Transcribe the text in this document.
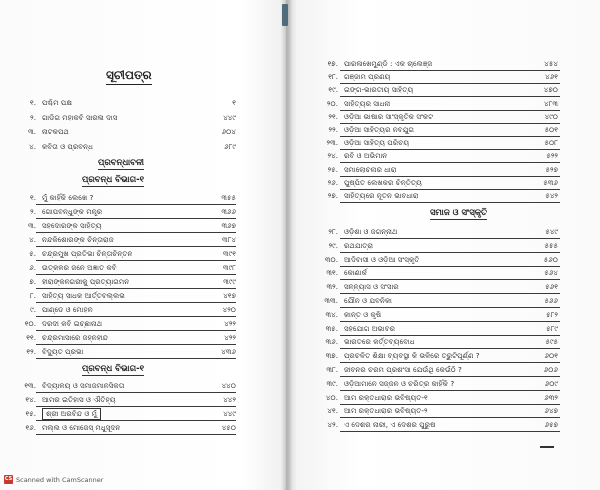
ସୂଚୀପତ୍ର
୧. ପଶ୍ଚିମ ପକ୍ଷ	୧
୨. ଗାଡିଗ ମହାକବି ସାରଳା ଦାସ	୪୪୯
୩. ନାଟକପଥ	୬୦୪
୪. କବିତା ଓ ପ୍ରବନ୍ଧ	୬୮୯
ପ୍ରବନ୍ଧାବଳୀ
ପ୍ରବନ୍ଧ ବିଭାଗ-୧
୧. ମୁଁ କାହିଁକି ଲେଖେ ?	୩୫୫
୨. ଗୋପବନ୍ଧୁଙ୍କ ମନ୍ତ୍ର	୩୬୬
୩. ସହଦୋରଙ୍କ ସାହିତ୍ୟ	୩୬୭
୪. ନନ୍ଦକିଶୋରଙ୍କ ଚିନ୍ତାରାଜ	୩୮୪
୫. ଚନ୍ଦ୍ରମୁଖ ପ୍ରତିଭା ଚିନ୍ତାଚିନ୍ତନ	୩୯୧
୬. ଉତ୍କଳର ଜନେ ଅଜ୍ଞାତ କବି	୩୯୮
୭. ହୀରାଙ୍କନଗରୀକୁ ପ୍ରତ୍ୟାଗମନ	୩୯୯
୮. ସାହିତ୍ୟ ସାଧକ ଆର୍ତ୍ତବଲ୍ଲଭ	୪୧୭
୯. ପାଣ୍ଡେ ଓ ମୋହନ	୪୨୦
୧୦. ଦରଦୀ କବି ଇଚ୍ଛାନାଥ	୪୨୨
୧୧. ଚନ୍ଦ୍ରମାସାରେ ଜହ୍ନହୀନ୍ଦ	୪୨୨
୧୨. ବିଦ୍ୟୁତ ପ୍ରଭା	୪୩୬
ପ୍ରବନ୍ଧ ବିଭାଗ-୧
୧୩. ବିଦ୍ୟାଳୟ ଓ ସମାଜମାନସିକତା	୪୪୦
୧୪. ଆମର ଇତିହାସ ଓ ଐତିହ୍ୟ	୪୪୨
୧୫.	ଶ୍ରୀ ଅରବିନ୍ଦ ଓ ମୁଁ	୪୪୯
୧୬. ମଲ୍ଲ ଓ ମୋଜେସ୍ ମଧୁସୂଦନ	୪୫୦
୧୭. ପାରଳାଖେମୁଣ୍ଡି : ଏକ ଚାଲେଞ୍ଜ	୪୫୪
୧୮. ଗଞ୍ଜାମ ପ୍ରଣୟ	୪୬୧
୧୯. ଇଙ୍ଗ-ଭାରତୀୟ ସାହିତ୍ୟ	୪୭୦
୨୦. ସାହିତ୍ୟର ସାଧନା	୪୮୩
୨୧. ଓଡ଼ିଆ ଭାଷାର ସାଂସ୍କୃତିକ ସଂକଟ	୪୯୦
୨୨. ଓଡ଼ିଆ ସାହିତ୍ୟର ନବଯୁଗ	୫୦୧
୨୩. ଓଡ଼ିଆ ସାହିତ୍ୟ ପରିଚୟ	୫୦୮
୨୪. ରବି ଓ ଅଭିମାନ	୫୨୨
୨୫. ସମାଲୋଚନାର ଧାରା	୫୨୭
୨୬. ପୁଷ୍ପିତ ଲେଖକର ଚିନ୍ତିତ୍ୟ	୫୩୬
୨୭. ସାହିତ୍ୟରେ ନୂତନ ଭାବଧାରା	୫୪୨
ସମାଜ ଓ ସଂସ୍କୃତି
୨୮. ଓଡ଼ିଶା ଓ ଜଗନ୍ନାଥ	୫୪୯
୨୯. ରଥଯାତ୍ରା	୫୫୫
୩୦. ଆଦିବାସୀ ଓ ଓଡ଼ିଆ ସଂସ୍କୃତି	୫୬୦
୩୧. କୋଣାର୍କ	୫୬୪
୩୨. ସନ୍ନ୍ୟାସ ଓ ସଂସାର	୫୬୧
୩୩. ଯୌନ ଓ ଯବନିକା	୫୬୬
୩୪. କାନ୍ତ ଓ କୃଷି	୫୮୨
୩୫. ସହଯୋଗ ଅଭାବର	୫୮୯
୩୬. ଭାରତରେ କର୍ତ୍ତବ୍ୟବୋଧ	୫୯୫
୩୭. ପ୍ରଚଳିତ ଶିକ୍ଷା ବ୍ୟବସ୍ଥା କି ଭଳିରେ ତ୍ରୁଟିପୂର୍ଣ୍ଣ ?	୬୦୧
୩୮. ଜୀବନର ଚରମ ପ୍ରଶଂସା ଯେଉଁଥି କେଉଁଠି ?	୬୦୬
୩୯. ଓଡ଼ିଆମାନେ ସଜ୍ଜନ ଓ ଚରିତ୍ର କାହିଁକି ?	୬୦୯
୪୦. ଆମ ରକ୍ତଧାରାର ଭବିଷ୍ୟତ-୧	୬୩୨
୪୧. ଆମ ରକ୍ତଧାରାର ଭବିଷ୍ୟତ-୨	୬୪୭
୪୨. ଏ ଦେଶର ନାରୀ, ଏ ଦେଶର ପୁରୁଷ	୬୫୭
CS Scanned with CamScanner
